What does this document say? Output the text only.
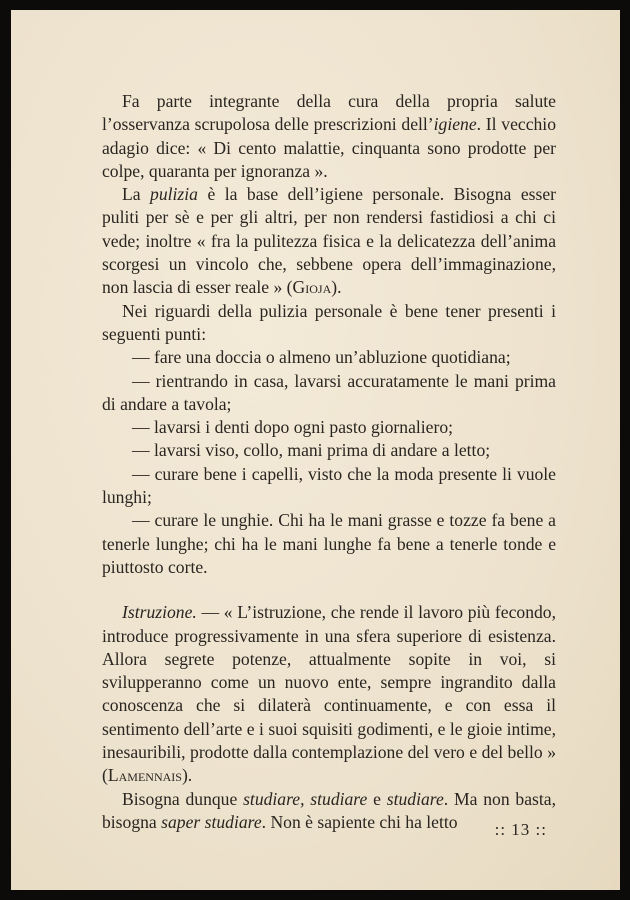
Fa parte integrante della cura della propria salute l’osservanza scrupolosa delle prescrizioni dell’igiene. Il vecchio adagio dice: « Di cento malattie, cinquanta sono prodotte per colpe, quaranta per ignoranza ».

La pulizia è la base dell’igiene personale. Bisogna esser puliti per sè e per gli altri, per non rendersi fastidiosi a chi ci vede; inoltre « fra la pulitezza fisica e la delicatezza dell’anima scorgesi un vincolo che, sebbene opera dell’immaginazione, non lascia di esser reale » (Gioja).

Nei riguardi della pulizia personale è bene tener presenti i seguenti punti:

— fare una doccia o almeno un’abluzione quotidiana;

— rientrando in casa, lavarsi accuratamente le mani prima di andare a tavola;

— lavarsi i denti dopo ogni pasto giornaliero;

— lavarsi viso, collo, mani prima di andare a letto;

— curare bene i capelli, visto che la moda presente li vuole lunghi;

— curare le unghie. Chi ha le mani grasse e tozze fa bene a tenerle lunghe; chi ha le mani lunghe fa bene a tenerle tonde e piuttosto corte.

Istruzione. — « L’istruzione, che rende il lavoro più fecondo, introduce progressivamente in una sfera superiore di esistenza. Allora segrete potenze, attualmente sopite in voi, si svilupperanno come un nuovo ente, sempre ingrandito dalla conoscenza che si dilaterà continuamente, e con essa il sentimento dell’arte e i suoi squisiti godimenti, e le gioie intime, inesauribili, prodotte dalla contemplazione del vero e del bello » (Lamennais).

Bisogna dunque studiare, studiare e studiare. Ma non basta, bisogna saper studiare. Non è sapiente chi ha letto	:: 13 ::
